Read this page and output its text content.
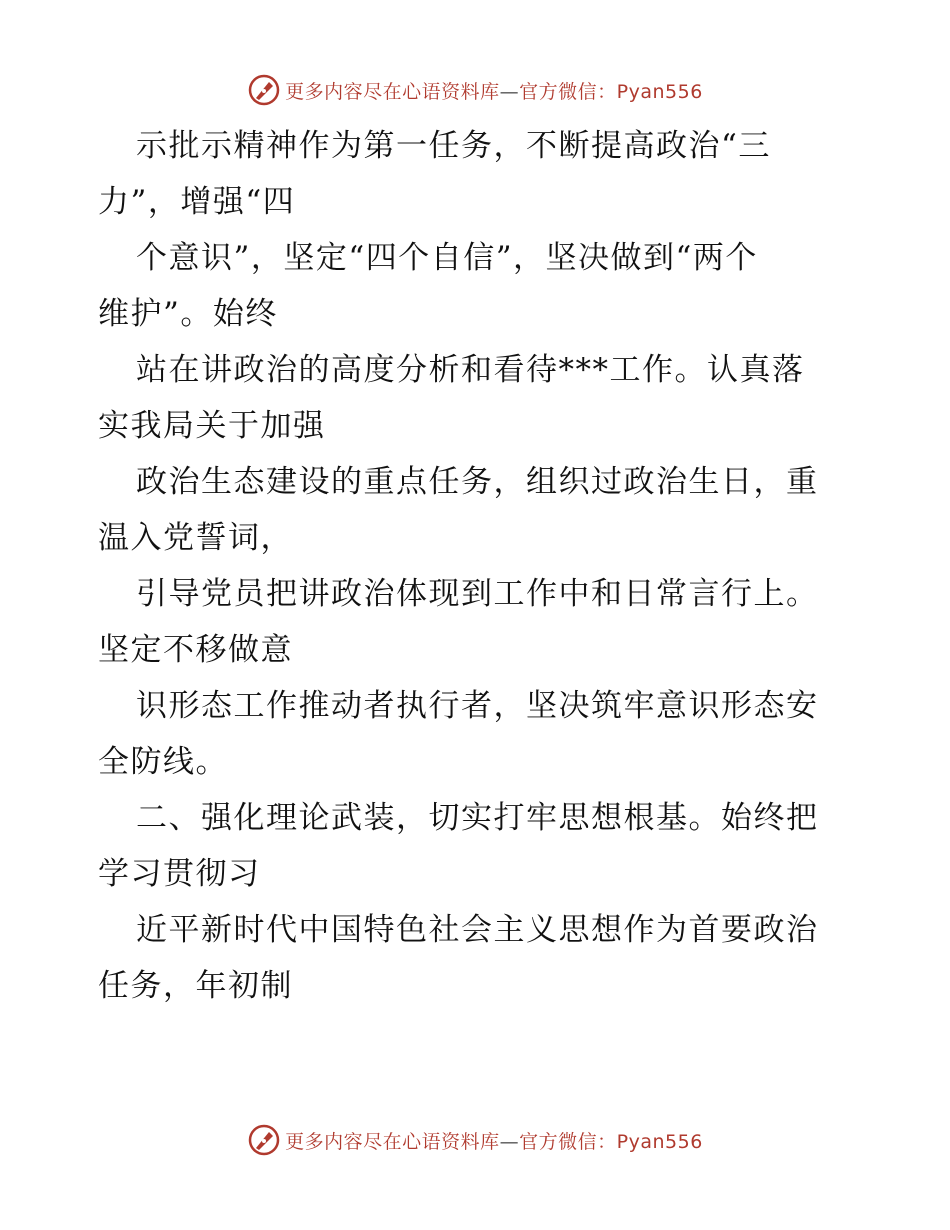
更多内容尽在心语资料库—官方微信：Pyan556
示批示精神作为第一任务，不断提高政治“三
力”，增强“四
个意识”，坚定“四个自信”，坚决做到“两个
维护”。始终
站在讲政治的高度分析和看待***工作。认真落
实我局关于加强
政治生态建设的重点任务，组织过政治生日，重
温入党誓词，
引导党员把讲政治体现到工作中和日常言行上。
坚定不移做意
识形态工作推动者执行者，坚决筑牢意识形态安
全防线。
二、强化理论武装，切实打牢思想根基。始终把
学习贯彻习
近平新时代中国特色社会主义思想作为首要政治
任务，年初制
更多内容尽在心语资料库—官方微信：Pyan556
